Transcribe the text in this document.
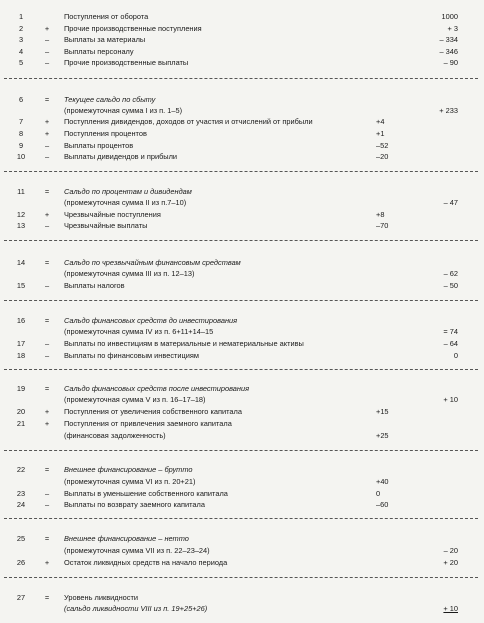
1	Поступления от оборота	1000
2	+	Прочие производственные поступления	+ 3
3	–	Выплаты за материалы	– 334
4	–	Выплаты персоналу	– 346
5	–	Прочие производственные выплаты	– 90
6	=	Текущее сальдо по сбыту
(промежуточная сумма I из п. 1–5)	+ 233
7	+	Поступления дивидендов, доходов от участия и отчислений от прибыли	+4
8	+	Поступления процентов	+1
9	–	Выплаты процентов	–52
10	–	Выплаты дивидендов и прибыли	–20
11	=	Сальдо по процентам и дивидендам
(промежуточная сумма II из п.7–10)	– 47
12	+	Чрезвычайные поступления	+8
13	–	Чрезвычайные выплаты	–70
14	=	Сальдо по чрезвычайным финансовым средствам
(промежуточная сумма III из п. 12–13)	– 62
15	–	Выплаты налогов	– 50
16	=	Сальдо финансовых средств до инвестирования
(промежуточная сумма IV из п. 6+11+14–15	= 74
17	–	Выплаты по инвестициям в материальные и нематериальные активы	– 64
18	–	Выплаты по финансовым инвестициям	0
19	=	Сальдо финансовых средств после инвестирования
(промежуточная сумма V из п. 16–17–18)	+ 10
20	+	Поступления от увеличения собственного капитала	+15
21	+	Поступления от привлечения заемного капитала
(финансовая задолженность)	+25
22	=	Внешнее финансирование – брутто
(промежуточная сумма VI из п. 20+21)	+40
23	–	Выплаты в уменьшение собственного капитала	0
24	–	Выплаты по возврату заемного капитала	–60
25	=	Внешнее финансирование – нетто
(промежуточная сумма VII из п. 22–23–24)	– 20
26	+	Остаток ликвидных средств на начало периода	+ 20
27	=	Уровень ликвидности
(сальдо ликвидности VIII из п. 19+25+26)	+ 10
